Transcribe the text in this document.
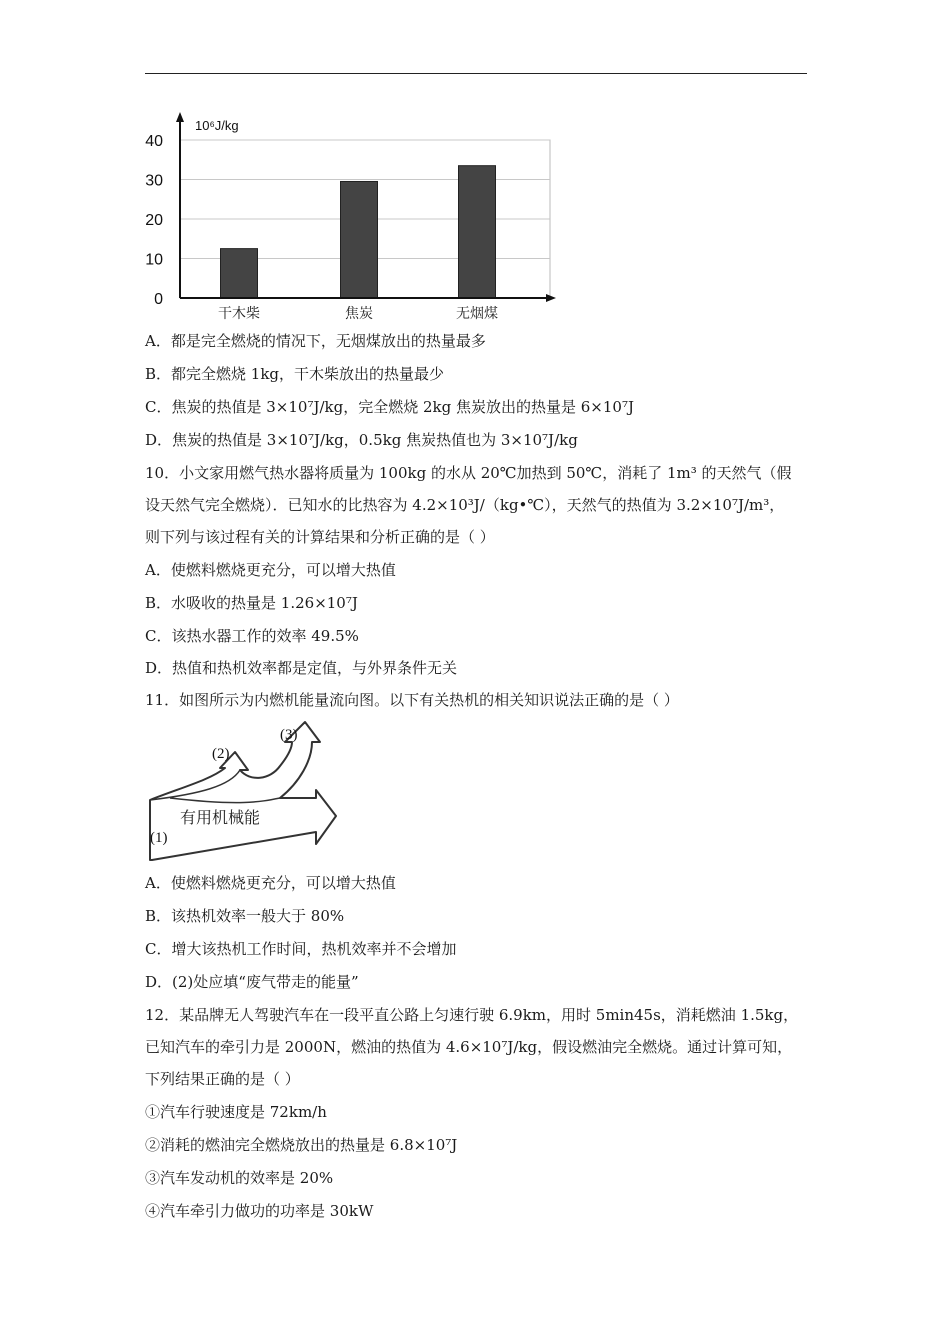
40
30
20
10
0
干木柴	焦炭	无烟煤
10⁶J/kg
A．都是完全燃烧的情况下，无烟煤放出的热量最多
B．都完全燃烧 1kg，干木柴放出的热量最少
C．焦炭的热值是 3×10⁷J/kg，完全燃烧 2kg 焦炭放出的热量是 6×10⁷J
D．焦炭的热值是 3×10⁷J/kg，0.5kg 焦炭热值也为 3×10⁷J/kg
10．小文家用燃气热水器将质量为 100kg 的水从 20℃加热到 50℃，消耗了 1m³ 的天然气（假
设天然气完全燃烧）．已知水的比热容为 4.2×10³J/（kg•℃），天然气的热值为 3.2×10⁷J/m³，
则下列与该过程有关的计算结果和分析正确的是（ ）
A．使燃料燃烧更充分，可以增大热值
B．水吸收的热量是 1.26×10⁷J
C．该热水器工作的效率 49.5%
D．热值和热机效率都是定值，与外界条件无关
11．如图所示为内燃机能量流向图。以下有关热机的相关知识说法正确的是（ ）
(2)
(3)
有用机械能
(1)
A．使燃料燃烧更充分，可以增大热值
B．该热机效率一般大于 80%
C．增大该热机工作时间，热机效率并不会增加
D．(2)处应填“废气带走的能量”
12．某品牌无人驾驶汽车在一段平直公路上匀速行驶 6.9km，用时 5min45s，消耗燃油 1.5kg，
已知汽车的牵引力是 2000N，燃油的热值为 4.6×10⁷J/kg，假设燃油完全燃烧。通过计算可知，
下列结果正确的是（ ）
①汽车行驶速度是 72km/h
②消耗的燃油完全燃烧放出的热量是 6.8×10⁷J
③汽车发动机的效率是 20%
④汽车牵引力做功的功率是 30kW
